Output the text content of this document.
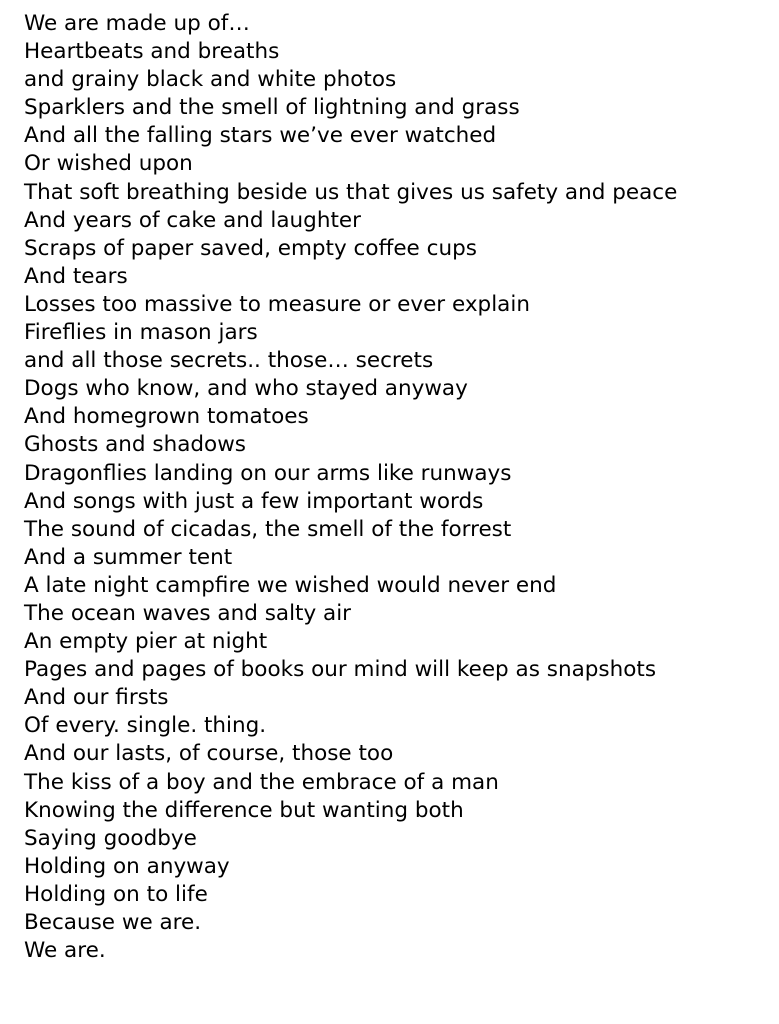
We are made up of…
Heartbeats and breaths
and grainy black and white photos
Sparklers and the smell of lightning and grass
And all the falling stars we’ve ever watched
Or wished upon
That soft breathing beside us that gives us safety and peace
And years of cake and laughter
Scraps of paper saved, empty coffee cups
And tears
Losses too massive to measure or ever explain
Fireflies in mason jars
and all those secrets.. those… secrets
Dogs who know, and who stayed anyway
And homegrown tomatoes
Ghosts and shadows
Dragonflies landing on our arms like runways
And songs with just a few important words
The sound of cicadas, the smell of the forrest
And a summer tent
A late night campfire we wished would never end
The ocean waves and salty air
An empty pier at night
Pages and pages of books our mind will keep as snapshots
And our firsts
Of every. single. thing.
And our lasts, of course, those too
The kiss of a boy and the embrace of a man
Knowing the difference but wanting both
Saying goodbye
Holding on anyway
Holding on to life
Because we are.
We are.
